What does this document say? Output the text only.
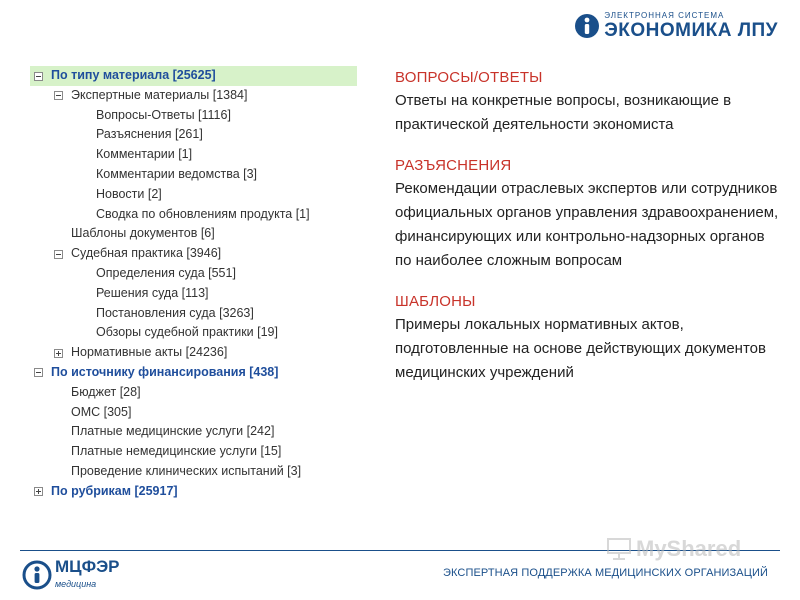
ЭЛЕКТРОННАЯ СИСТЕМА
ЭКОНОМИКА ЛПУ
По типу материала [25625]
Экспертные материалы [1384]
Вопросы-Ответы [1116]
Разъяснения [261]
Комментарии [1]
Комментарии ведомства [3]
Новости [2]
Сводка по обновлениям продукта [1]
Шаблоны документов [6]
Судебная практика [3946]
Определения суда [551]
Решения суда [113]
Постановления суда [3263]
Обзоры судебной практики [19]
Нормативные акты [24236]
По источнику финансирования [438]
Бюджет [28]
ОМС [305]
Платные медицинские услуги [242]
Платные немедицинские услуги [15]
Проведение клинических испытаний [3]
По рубрикам [25917]
ВОПРОСЫ/ОТВЕТЫ
Ответы на конкретные вопросы, возникающие в практической деятельности экономиста
РАЗЪЯСНЕНИЯ
Рекомендации отраслевых экспертов или сотрудников официальных органов управления здравоохранением, финансирующих или контрольно-надзорных органов по наиболее сложным вопросам
ШАБЛОНЫ
Примеры локальных нормативных актов, подготовленные на основе действующих документов медицинских учреждений
МЦФЭР
медицина
MyShared
ЭКСПЕРТНАЯ ПОДДЕРЖКА МЕДИЦИНСКИХ ОРГАНИЗАЦИЙ
